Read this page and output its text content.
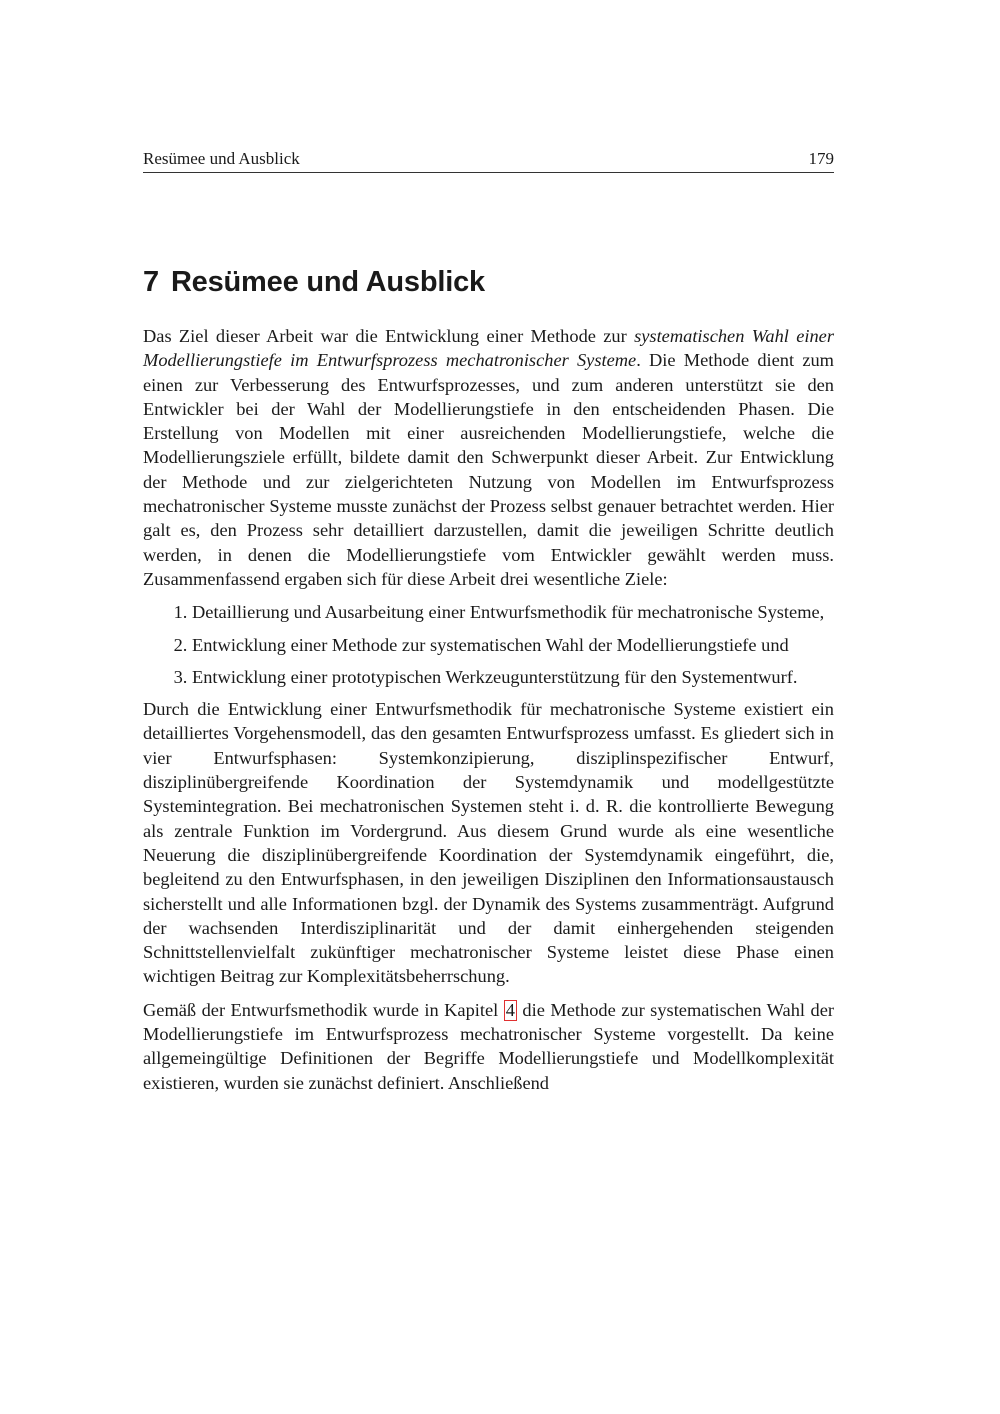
Resümee und Ausblick	179
7 Resümee und Ausblick

Das Ziel dieser Arbeit war die Entwicklung einer Methode zur systematischen Wahl einer Modellierungstiefe im Entwurfsprozess mechatronischer Systeme. Die Methode dient zum einen zur Verbesserung des Entwurfsprozesses, und zum anderen unterstützt sie den Entwickler bei der Wahl der Modellierungstiefe in den entscheidenden Phasen. Die Erstellung von Modellen mit einer ausreichenden Modellierungstiefe, welche die Modellierungsziele erfüllt, bildete damit den Schwerpunkt dieser Arbeit. Zur Entwicklung der Methode und zur zielgerichteten Nutzung von Modellen im Entwurfsprozess mechatronischer Systeme musste zunächst der Prozess selbst genauer betrachtet werden. Hier galt es, den Prozess sehr detailliert darzustellen, damit die jeweiligen Schritte deutlich werden, in denen die Modellierungstiefe vom Entwickler gewählt werden muss. Zusammenfassend ergaben sich für diese Arbeit drei wesentliche Ziele:

1. Detaillierung und Ausarbeitung einer Entwurfsmethodik für mechatronische Systeme,
2. Entwicklung einer Methode zur systematischen Wahl der Modellierungstiefe und
3. Entwicklung einer prototypischen Werkzeugunterstützung für den Systementwurf.

Durch die Entwicklung einer Entwurfsmethodik für mechatronische Systeme existiert ein detailliertes Vorgehensmodell, das den gesamten Entwurfsprozess umfasst. Es gliedert sich in vier Entwurfsphasen: Systemkonzipierung, disziplinspezifischer Entwurf, disziplinübergreifende Koordination der Systemdynamik und modellgestützte Systemintegration. Bei mechatronischen Systemen steht i. d. R. die kontrollierte Bewegung als zentrale Funktion im Vordergrund. Aus diesem Grund wurde als eine wesentliche Neuerung die disziplinübergreifende Koordination der Systemdynamik eingeführt, die, begleitend zu den Entwurfsphasen, in den jeweiligen Disziplinen den Informationsaustausch sicherstellt und alle Informationen bzgl. der Dynamik des Systems zusammenträgt. Aufgrund der wachsenden Interdisziplinarität und der damit einhergehenden steigenden Schnittstellenvielfalt zukünftiger mechatronischer Systeme leistet diese Phase einen wichtigen Beitrag zur Komplexitätsbeherrschung.

Gemäß der Entwurfsmethodik wurde in Kapitel 4 die Methode zur systematischen Wahl der Modellierungstiefe im Entwurfsprozess mechatronischer Systeme vorgestellt. Da keine allgemeingültige Definitionen der Begriffe Modellierungstiefe und Modellkomplexität existieren, wurden sie zunächst definiert. Anschließend
